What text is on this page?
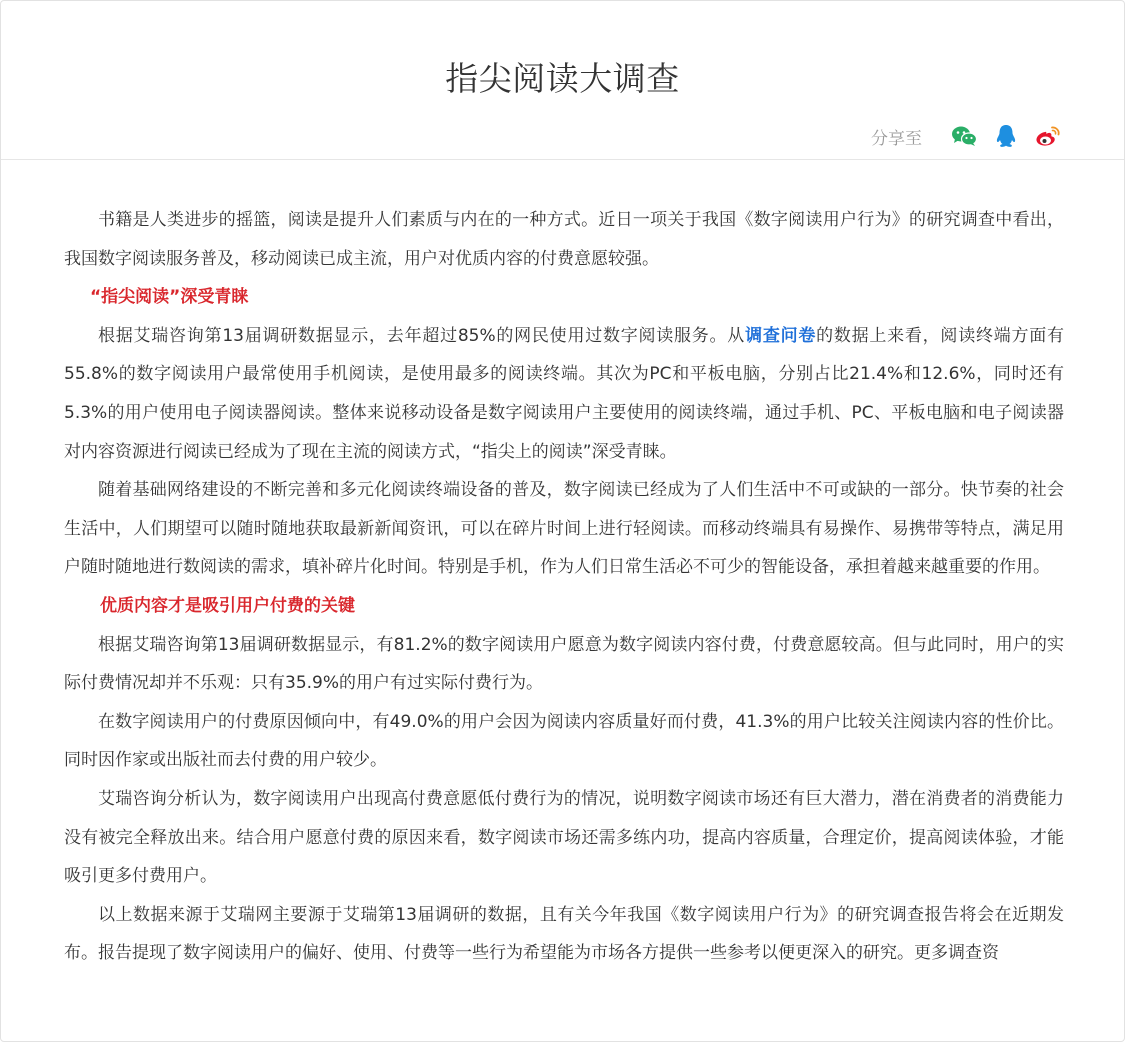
指尖阅读大调查
分享至

书籍是人类进步的摇篮，阅读是提升人们素质与内在的一种方式。近日一项关于我国《数字阅读用户行为》的研究调查中看出，我国数字阅读服务普及，移动阅读已成主流，用户对优质内容的付费意愿较强。

“指尖阅读”深受青睐

根据艾瑞咨询第13届调研数据显示，去年超过85%的网民使用过数字阅读服务。从调查问卷的数据上来看，阅读终端方面有55.8%的数字阅读用户最常使用手机阅读，是使用最多的阅读终端。其次为PC和平板电脑，分别占比21.4%和12.6%，同时还有5.3%的用户使用电子阅读器阅读。整体来说移动设备是数字阅读用户主要使用的阅读终端，通过手机、PC、平板电脑和电子阅读器对内容资源进行阅读已经成为了现在主流的阅读方式，“指尖上的阅读”深受青睐。

随着基础网络建设的不断完善和多元化阅读终端设备的普及，数字阅读已经成为了人们生活中不可或缺的一部分。快节奏的社会生活中，人们期望可以随时随地获取最新新闻资讯，可以在碎片时间上进行轻阅读。而移动终端具有易操作、易携带等特点，满足用户随时随地进行数阅读的需求，填补碎片化时间。特别是手机，作为人们日常生活必不可少的智能设备，承担着越来越重要的作用。

优质内容才是吸引用户付费的关键

根据艾瑞咨询第13届调研数据显示，有81.2%的数字阅读用户愿意为数字阅读内容付费，付费意愿较高。但与此同时，用户的实际付费情况却并不乐观：只有35.9%的用户有过实际付费行为。

在数字阅读用户的付费原因倾向中，有49.0%的用户会因为阅读内容质量好而付费，41.3%的用户比较关注阅读内容的性价比。同时因作家或出版社而去付费的用户较少。

艾瑞咨询分析认为，数字阅读用户出现高付费意愿低付费行为的情况，说明数字阅读市场还有巨大潜力，潜在消费者的消费能力没有被完全释放出来。结合用户愿意付费的原因来看，数字阅读市场还需多练内功，提高内容质量，合理定价，提高阅读体验，才能吸引更多付费用户。

以上数据来源于艾瑞网主要源于艾瑞第13届调研的数据，且有关今年我国《数字阅读用户行为》的研究调查报告将会在近期发布。报告提现了数字阅读用户的偏好、使用、付费等一些行为希望能为市场各方提供一些参考以便更深入的研究。更多调查资
